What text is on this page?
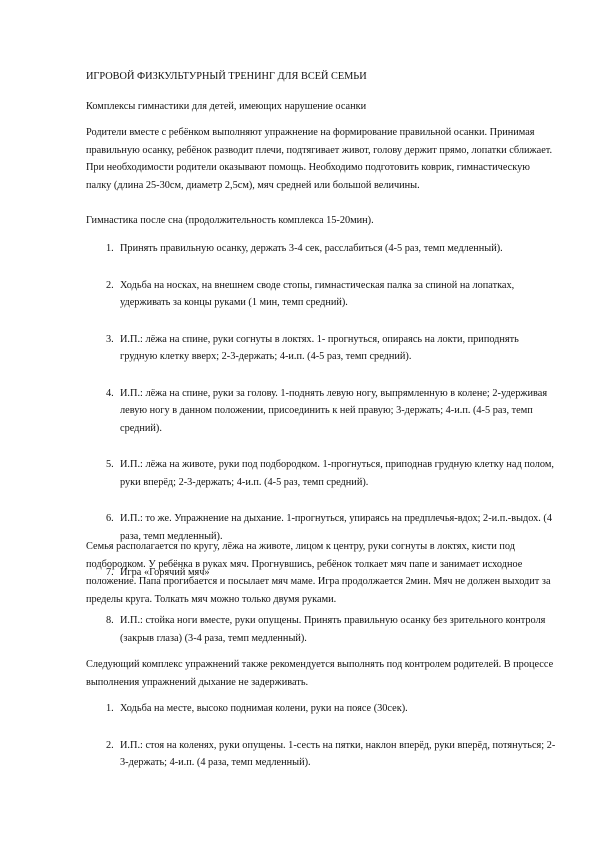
ИГРОВОЙ ФИЗКУЛЬТУРНЫЙ ТРЕНИНГ ДЛЯ ВСЕЙ СЕМЬИ

Комплексы гимнастики для детей, имеющих нарушение осанки

Родители вместе с ребёнком выполняют упражнение на формирование правильной осанки. Принимая правильную осанку, ребёнок разводит плечи, подтягивает живот, голову держит прямо, лопатки сближает. При необходимости родители оказывают помощь. Необходимо подготовить коврик, гимнастическую палку (длина 25-30см, диаметр 2,5см), мяч средней или большой величины.

Гимнастика после сна (продолжительность комплекса 15-20мин).

1. Принять правильную осанку, держать 3-4 сек, расслабиться (4-5 раз, темп медленный).
2. Ходьба на носках, на внешнем своде стопы, гимнастическая палка за спиной на лопатках, удерживать за концы руками (1 мин, темп средний).
3. И.П.: лёжа на спине, руки согнуты в локтях. 1- прогнуться, опираясь на локти, приподнять грудную клетку вверх; 2-3-держать; 4-и.п. (4-5 раз, темп средний).
4. И.П.: лёжа на спине, руки за голову. 1-поднять левую ногу, выпрямленную в колене; 2-удерживая левую ногу в данном положении, присоединить к ней правую; 3-держать; 4-и.п. (4-5 раз, темп средний).
5. И.П.: лёжа на животе, руки под подбородком. 1-прогнуться, приподнав грудную клетку над полом, руки вперёд; 2-3-держать; 4-и.п. (4-5 раз, темп средний).
6. И.П.: то же. Упражнение на дыхание. 1-прогнуться, упираясь на предплечья-вдох; 2-и.п.-выдох. (4 раза, темп медленный).
7. Игра «Горячий мяч»

Семья располагается по кругу, лёжа на животе, лицом к центру, руки согнуты в локтях, кисти под подбородком. У ребёнка в руках мяч. Прогнувшись, ребёнок толкает мяч папе и занимает исходное положение. Папа прогибается и посылает мяч маме. Игра продолжается 2мин. Мяч не должен выходит за пределы круга. Толкать мяч можно только двумя руками.

8. И.П.: стойка ноги вместе, руки опущены. Принять правильную осанку без зрительного контроля (закрыв глаза) (3-4 раза, темп медленный).

Следующий комплекс упражнений также рекомендуется выполнять под контролем родителей. В процессе выполнения упражнений дыхание не задерживать.

1. Ходьба на месте, высоко поднимая колени, руки на поясе (30сек).
2. И.П.: стоя на коленях, руки опущены. 1-сесть на пятки, наклон вперёд, руки вперёд, потянуться; 2-3-держать; 4-и.п. (4 раза, темп медленный).
